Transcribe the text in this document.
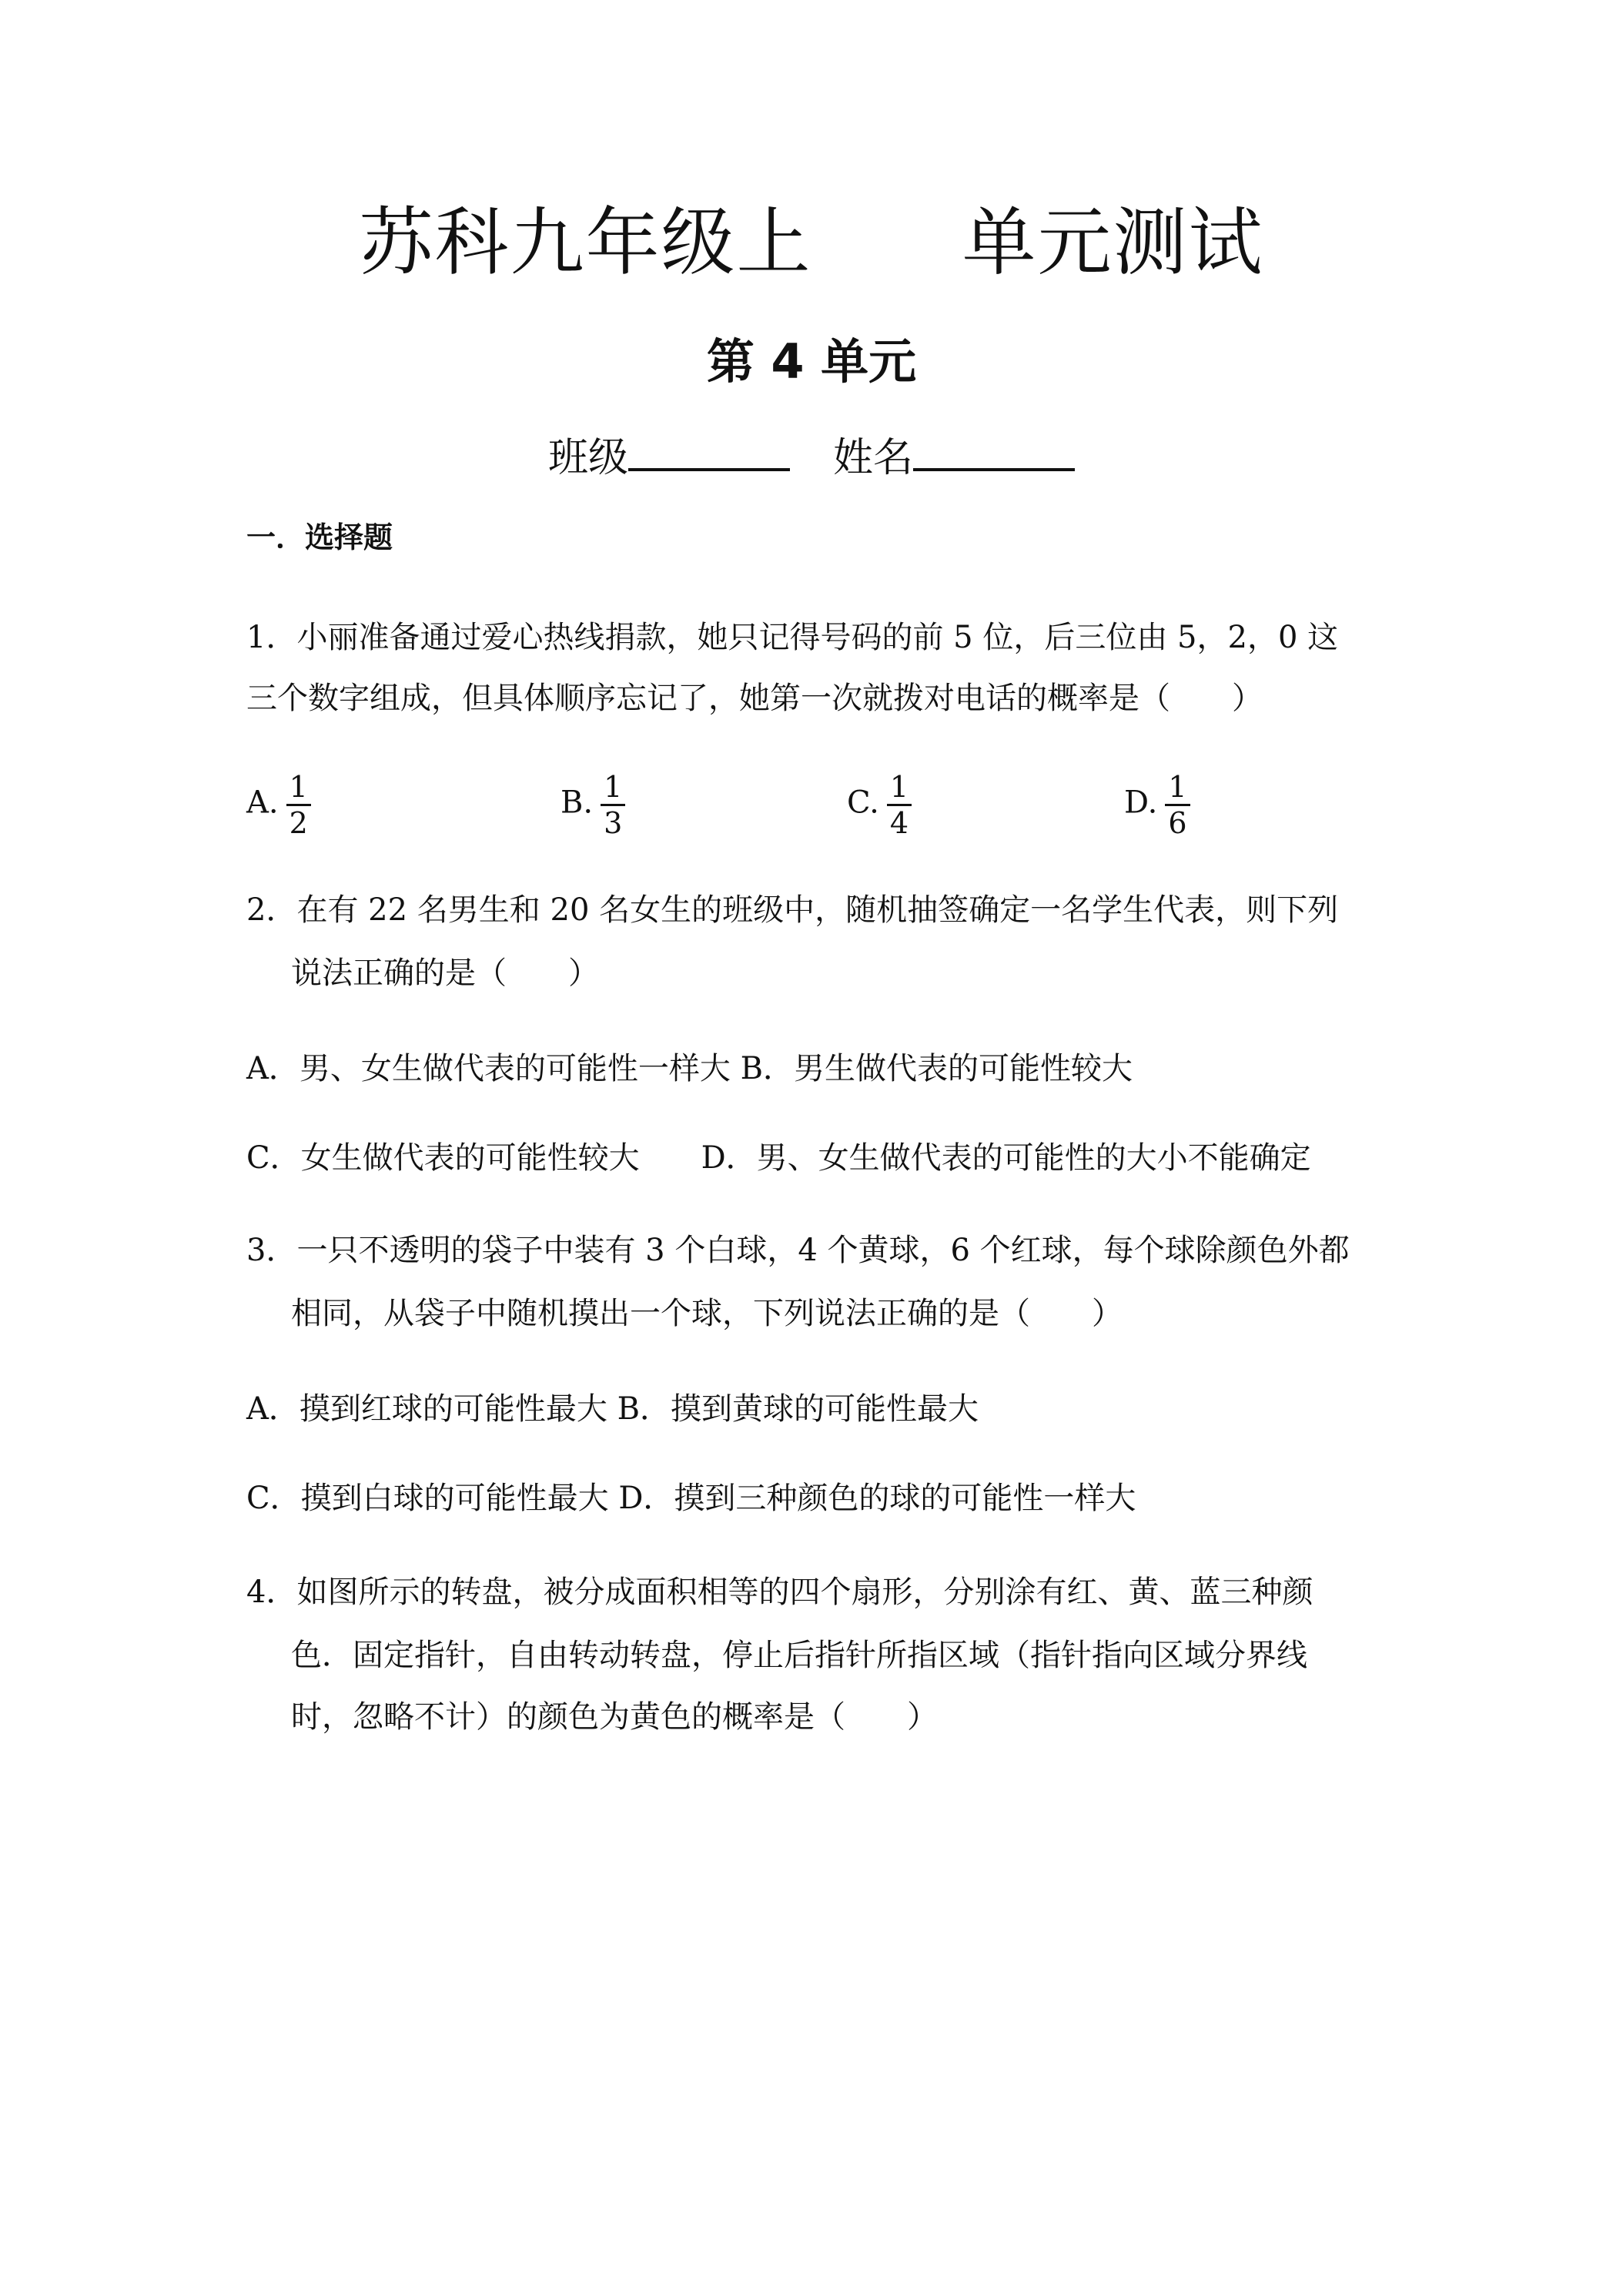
苏科九年级上      单元测试
第 4 单元
班级	姓名
一．选择题
1．小丽准备通过爱心热线捐款，她只记得号码的前 5 位，后三位由 5，2，0 这
三个数字组成，但具体顺序忘记了，她第一次就拨对电话的概率是（　　）
A. $\frac{1}{2}$	B. $\frac{1}{3}$	C. $\frac{1}{4}$	D. $\frac{1}{6}$
2．在有 22 名男生和 20 名女生的班级中，随机抽签确定一名学生代表，则下列
说法正确的是（　　）
A．男、女生做代表的可能性一样大 B．男生做代表的可能性较大
C．女生做代表的可能性较大　　D．男、女生做代表的可能性的大小不能确定
3．一只不透明的袋子中装有 3 个白球，4 个黄球，6 个红球，每个球除颜色外都
相同，从袋子中随机摸出一个球，下列说法正确的是（　　）
A．摸到红球的可能性最大 B．摸到黄球的可能性最大
C．摸到白球的可能性最大 D．摸到三种颜色的球的可能性一样大
4．如图所示的转盘，被分成面积相等的四个扇形，分别涂有红、黄、蓝三种颜
色．固定指针，自由转动转盘，停止后指针所指区域（指针指向区域分界线
时，忽略不计）的颜色为黄色的概率是（　　）
